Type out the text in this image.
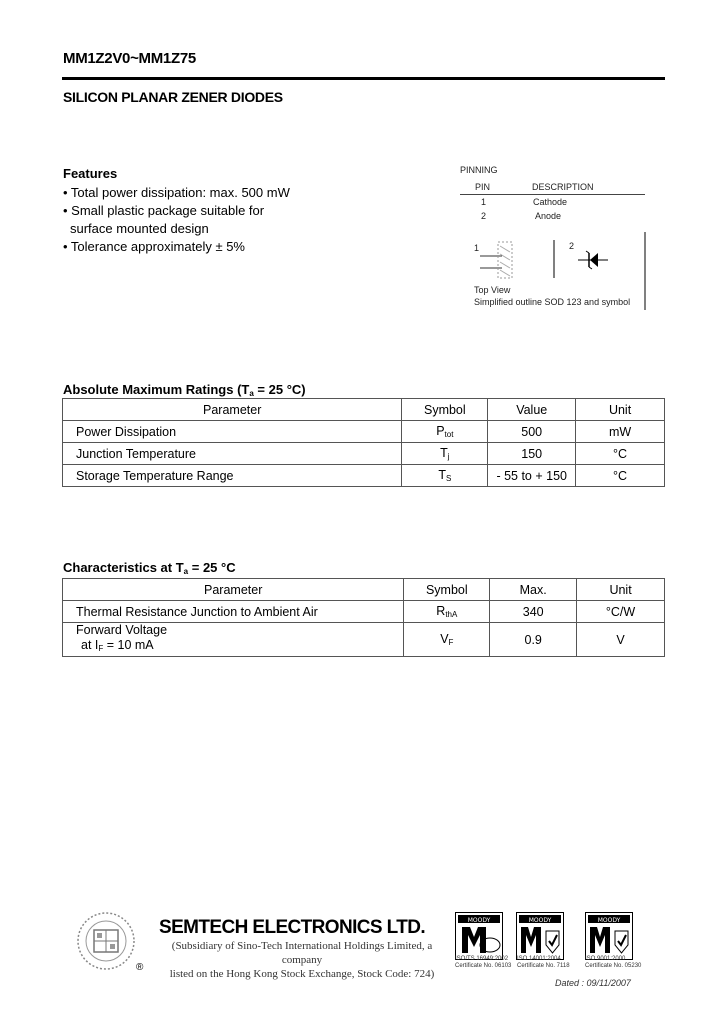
MM1Z2V0~MM1Z75
SILICON PLANAR ZENER DIODES
Features
• Total power dissipation: max. 500 mW
• Small plastic package suitable for
surface mounted design
• Tolerance approximately ± 5%
PINNING
PIN	DESCRIPTION
1	Cathode
2	Anode
1	2
Top View
Simplified outline SOD 123 and symbol
Absolute Maximum Ratings ($T_a = 25$ °C)
Parameter	Symbol	Value	Unit
Power Dissipation	$P_{tot}$	500	mW
Junction Temperature	$T_j$	150	°C
Storage Temperature Range	$T_S$	- 55 to + 150	°C
Characteristics at $T_a = 25$ °C
Parameter	Symbol	Max.	Unit
Thermal Resistance Junction to Ambient Air	$R_{thA}$	340	°C/W

Forward Voltage
at $I_F = 10$ mA	$V_F$	0.9	V
®
SEMTECH ELECTRONICS LTD.
(Subsidiary of Sino-Tech International Holdings Limited, a company
listed on the Hong Kong Stock Exchange, Stock Code: 724)
MOODY	MOODY	MOODY
ISO/TS 16949:2002
Certificate No. 06103
ISO 14001:2004
Certificate No. 7118
ISO 9001:2000
Certificate No. 05230
Dated : 09/11/2007
